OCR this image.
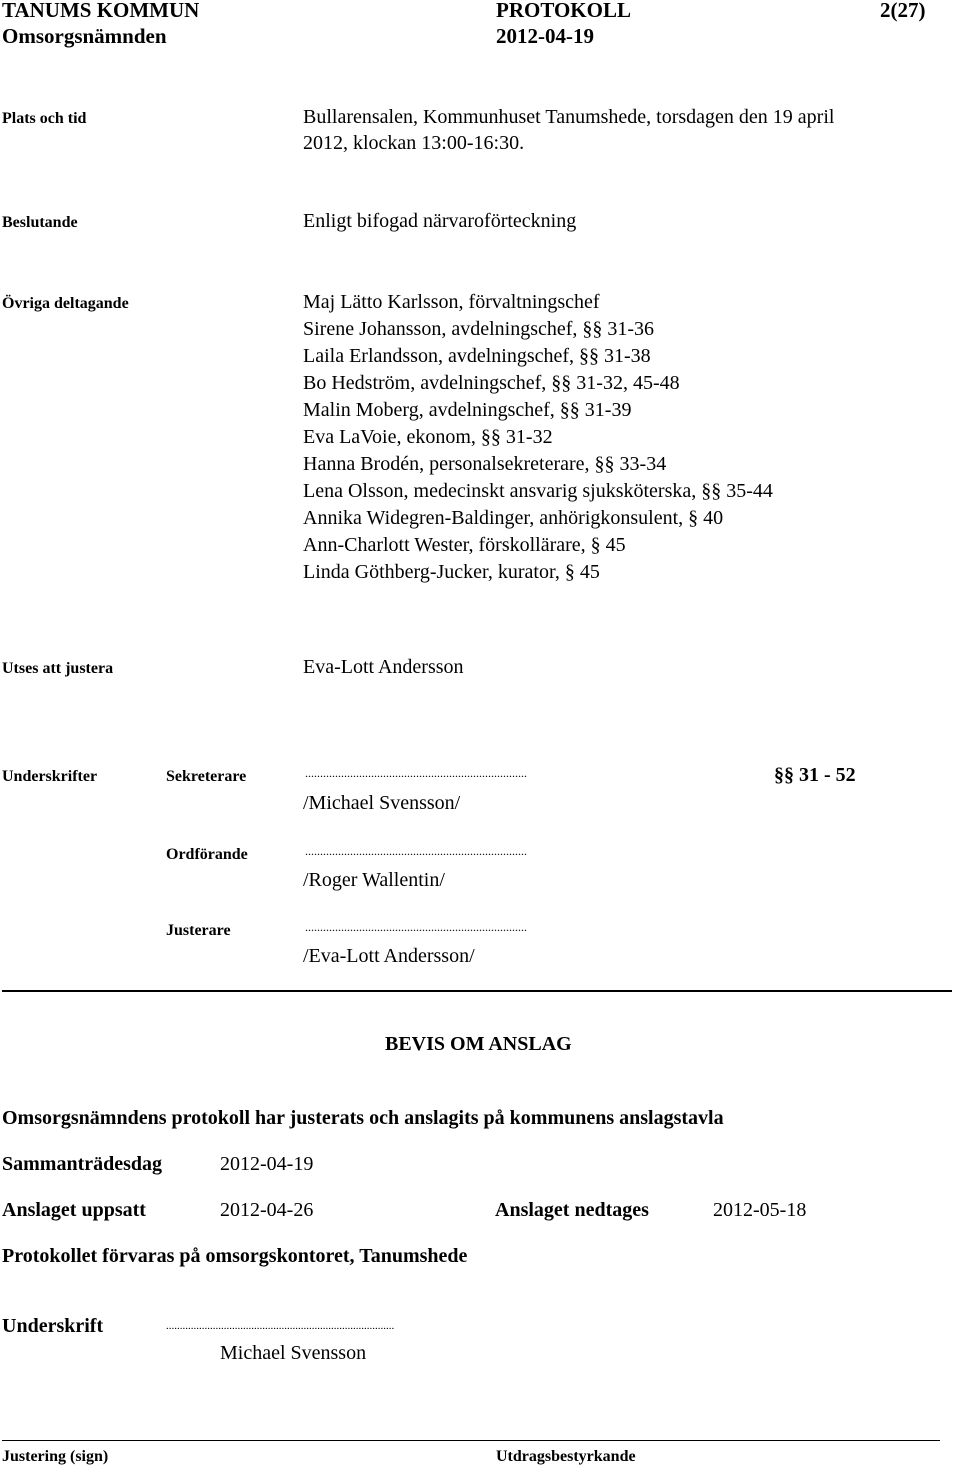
TANUMS KOMMUN	PROTOKOLL	2(27)
Omsorgsnämnden	2012-04-19
Plats och tid	Bullarensalen, Kommunhuset Tanumshede, torsdagen den 19 april
2012, klockan 13:00-16:30.
Beslutande	Enligt bifogad närvaroförteckning
Övriga deltagande	Maj Lätto Karlsson, förvaltningschef
Sirene Johansson, avdelningschef, §§ 31-36
Laila Erlandsson, avdelningschef, §§ 31-38
Bo Hedström, avdelningschef, §§ 31-32, 45-48
Malin Moberg, avdelningschef, §§ 31-39
Eva LaVoie, ekonom, §§ 31-32
Hanna Brodén, personalsekreterare, §§ 33-34
Lena Olsson, medecinskt ansvarig sjuksköterska, §§ 35-44
Annika Widegren-Baldinger, anhörigkonsulent, § 40
Ann-Charlott Wester, förskollärare, § 45
Linda Göthberg-Jucker, kurator, § 45
Utses att justera	Eva-Lott Andersson
Underskrifter	Sekreterare	..........................................................................	§§ 31 - 52
/Michael Svensson/
Ordförande	..........................................................................
/Roger Wallentin/
Justerare	..........................................................................
/Eva-Lott Andersson/
BEVIS OM ANSLAG
Omsorgsnämndens protokoll har justerats och anslagits på kommunens anslagstavla
Sammanträdesdag	2012-04-19
Anslaget uppsatt	2012-04-26	Anslaget nedtages	2012-05-18
Protokollet förvaras på omsorgskontoret, Tanumshede
Underskrift	...................................................................................
Michael Svensson
Justering (sign)	Utdragsbestyrkande
